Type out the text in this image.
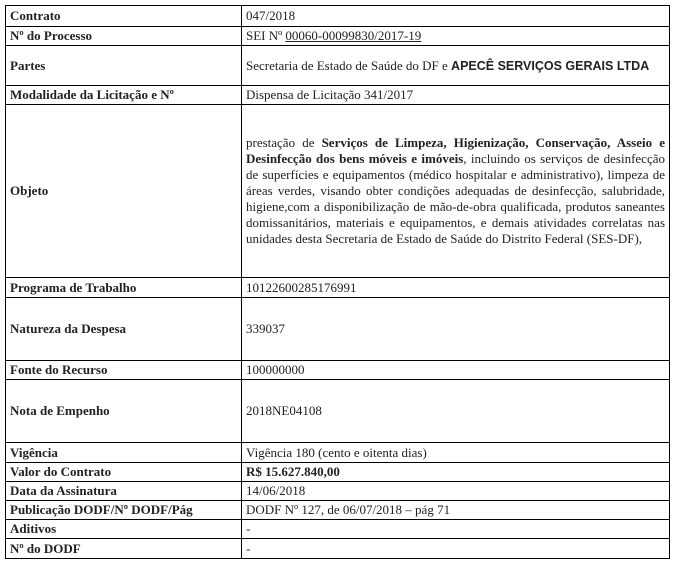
Contrato	047/2018
Nº do Processo	SEI Nº 00060-00099830/2017-19
Partes	Secretaria de Estado de Saúde do DF e APECÊ SERVIÇOS GERAIS LTDA
Modalidade da Licitação e Nº	Dispensa de Licitação 341/2017
Objeto	prestação de Serviços de Limpeza, Higienização, Conservação, Asseio e Desinfecção dos bens móveis e imóveis, incluindo os serviços de desinfecção de superfícies e equipamentos (médico hospitalar e administrativo), limpeza de áreas verdes, visando obter condições adequadas de desinfecção, salubridade, higiene,com a disponibilização de mão-de-obra qualificada, produtos saneantes domissanitários, materiais e equipamentos, e demais atividades correlatas nas unidades desta Secretaria de Estado de Saúde do Distrito Federal (SES-DF),
Programa de Trabalho	10122600285176991
Natureza da Despesa	339037
Fonte do Recurso	100000000
Nota de Empenho	2018NE04108
Vigência	Vigência 180 (cento e oitenta dias)
Valor do Contrato	R$ 15.627.840,00
Data da Assinatura	14/06/2018
Publicação DODF/Nº DODF/Pág	DODF Nº 127, de 06/07/2018 – pág 71
Aditivos	-
Nº do DODF	-
